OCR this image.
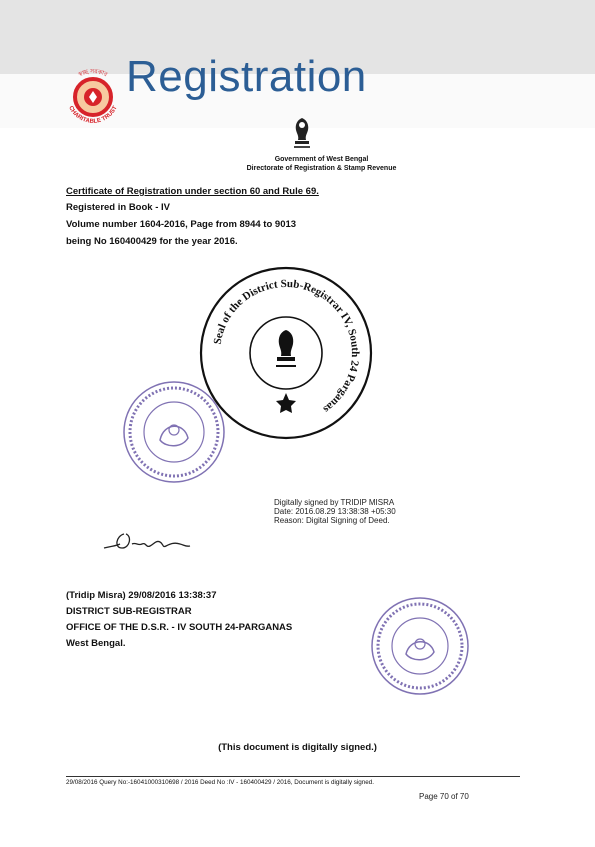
স্বচ্ছ সরকার
CHARITABLE TRUST
Registration
Government of West Bengal
Directorate of Registration & Stamp Revenue
Certificate of Registration under section 60 and Rule 69.
Registered in Book - IV
Volume number 1604-2016, Page from 8944 to 9013
being No 160400429 for the year 2016.
Seal of the District Sub-Registrar IV, South 24 Parganas
Digitally signed by TRIDIP MISRA
Date: 2016.08.29 13:38:38 +05:30
Reason: Digital Signing of Deed.
(Tridip Misra) 29/08/2016 13:38:37
DISTRICT SUB-REGISTRAR
OFFICE OF THE D.S.R. - IV SOUTH 24-PARGANAS
West Bengal.
(This document is digitally signed.)
29/08/2016 Query No:-16041000310698 / 2016 Deed No :IV - 160400429 / 2016, Document is digitally signed.
Page 70 of 70
